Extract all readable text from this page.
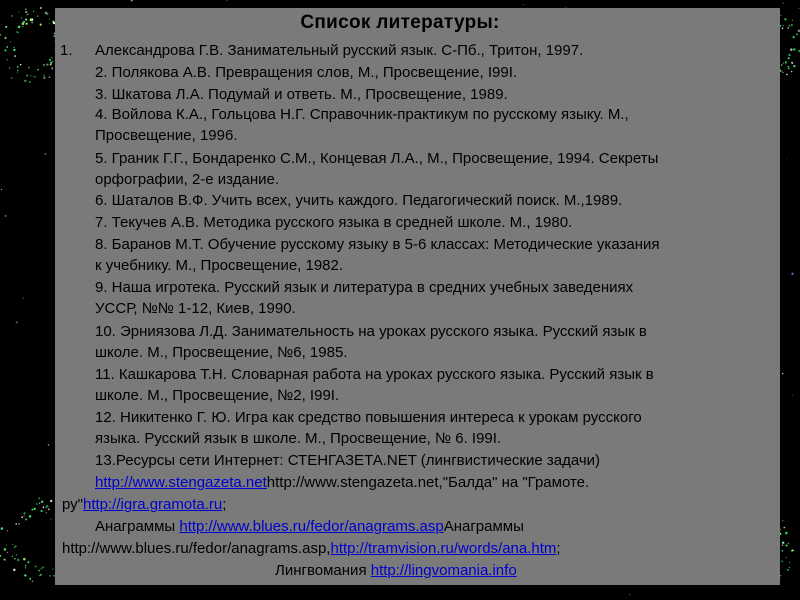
Список литературы:
1. Александрова Г.В. Занимательный русский язык. С-Пб., Тритон, 1997.
2. Полякова А.В. Превращения слов, М., Просвещение, I99I.
3. Шкатова Л.А. Подумай и ответь. М., Просвещение, 1989.
4. Войлова К.А., Гольцова Н.Г. Справочник-практикум по русскому языку. М.,
Просвещение, 1996.
5. Граник Г.Г., Бондаренко С.М., Концевая Л.А., М., Просвещение, 1994. Секреты
орфографии, 2-е издание.
6. Шаталов В.Ф. Учить всех, учить каждого. Педагогический поиск. М.,1989.
7. Текучев А.В. Методика русского языка в средней школе. М., 1980.
8. Баранов М.Т. Обучение русскому языку в 5-6 классах: Методические указания
к учебнику. М., Просвещение, 1982.
9. Наша игротека. Русский язык и литература в средних учебных заведениях
УССР, №№ 1-12, Киев, 1990.
10. Эрниязова Л.Д. Занимательность на уроках русского языка. Русский язык в
школе. М., Просвещение, №6, 1985.
11. Кашкарова Т.Н. Словарная работа на уроках русского языка. Русский язык в
школе. М., Просвещение, №2, I99I.
12. Никитенко Г. Ю. Игра как средство повышения интереса к урокам русского
языка. Русский язык в школе. М., Просвещение, № 6. I99I.
13.Ресурсы сети Интернет: СТЕНГАЗЕТА.NET (лингвистические задачи)
http://www.stengazeta.nethttp://www.stengazeta.net,"Балда" на "Грамоте.
ру"http://igra.gramota.ru;
Анаграммы http://www.blues.ru/fedor/anagrams.aspАнаграммы
http://www.blues.ru/fedor/anagrams.asp,http://tramvision.ru/words/ana.htm;
Лингвомания http://lingvomania.info
